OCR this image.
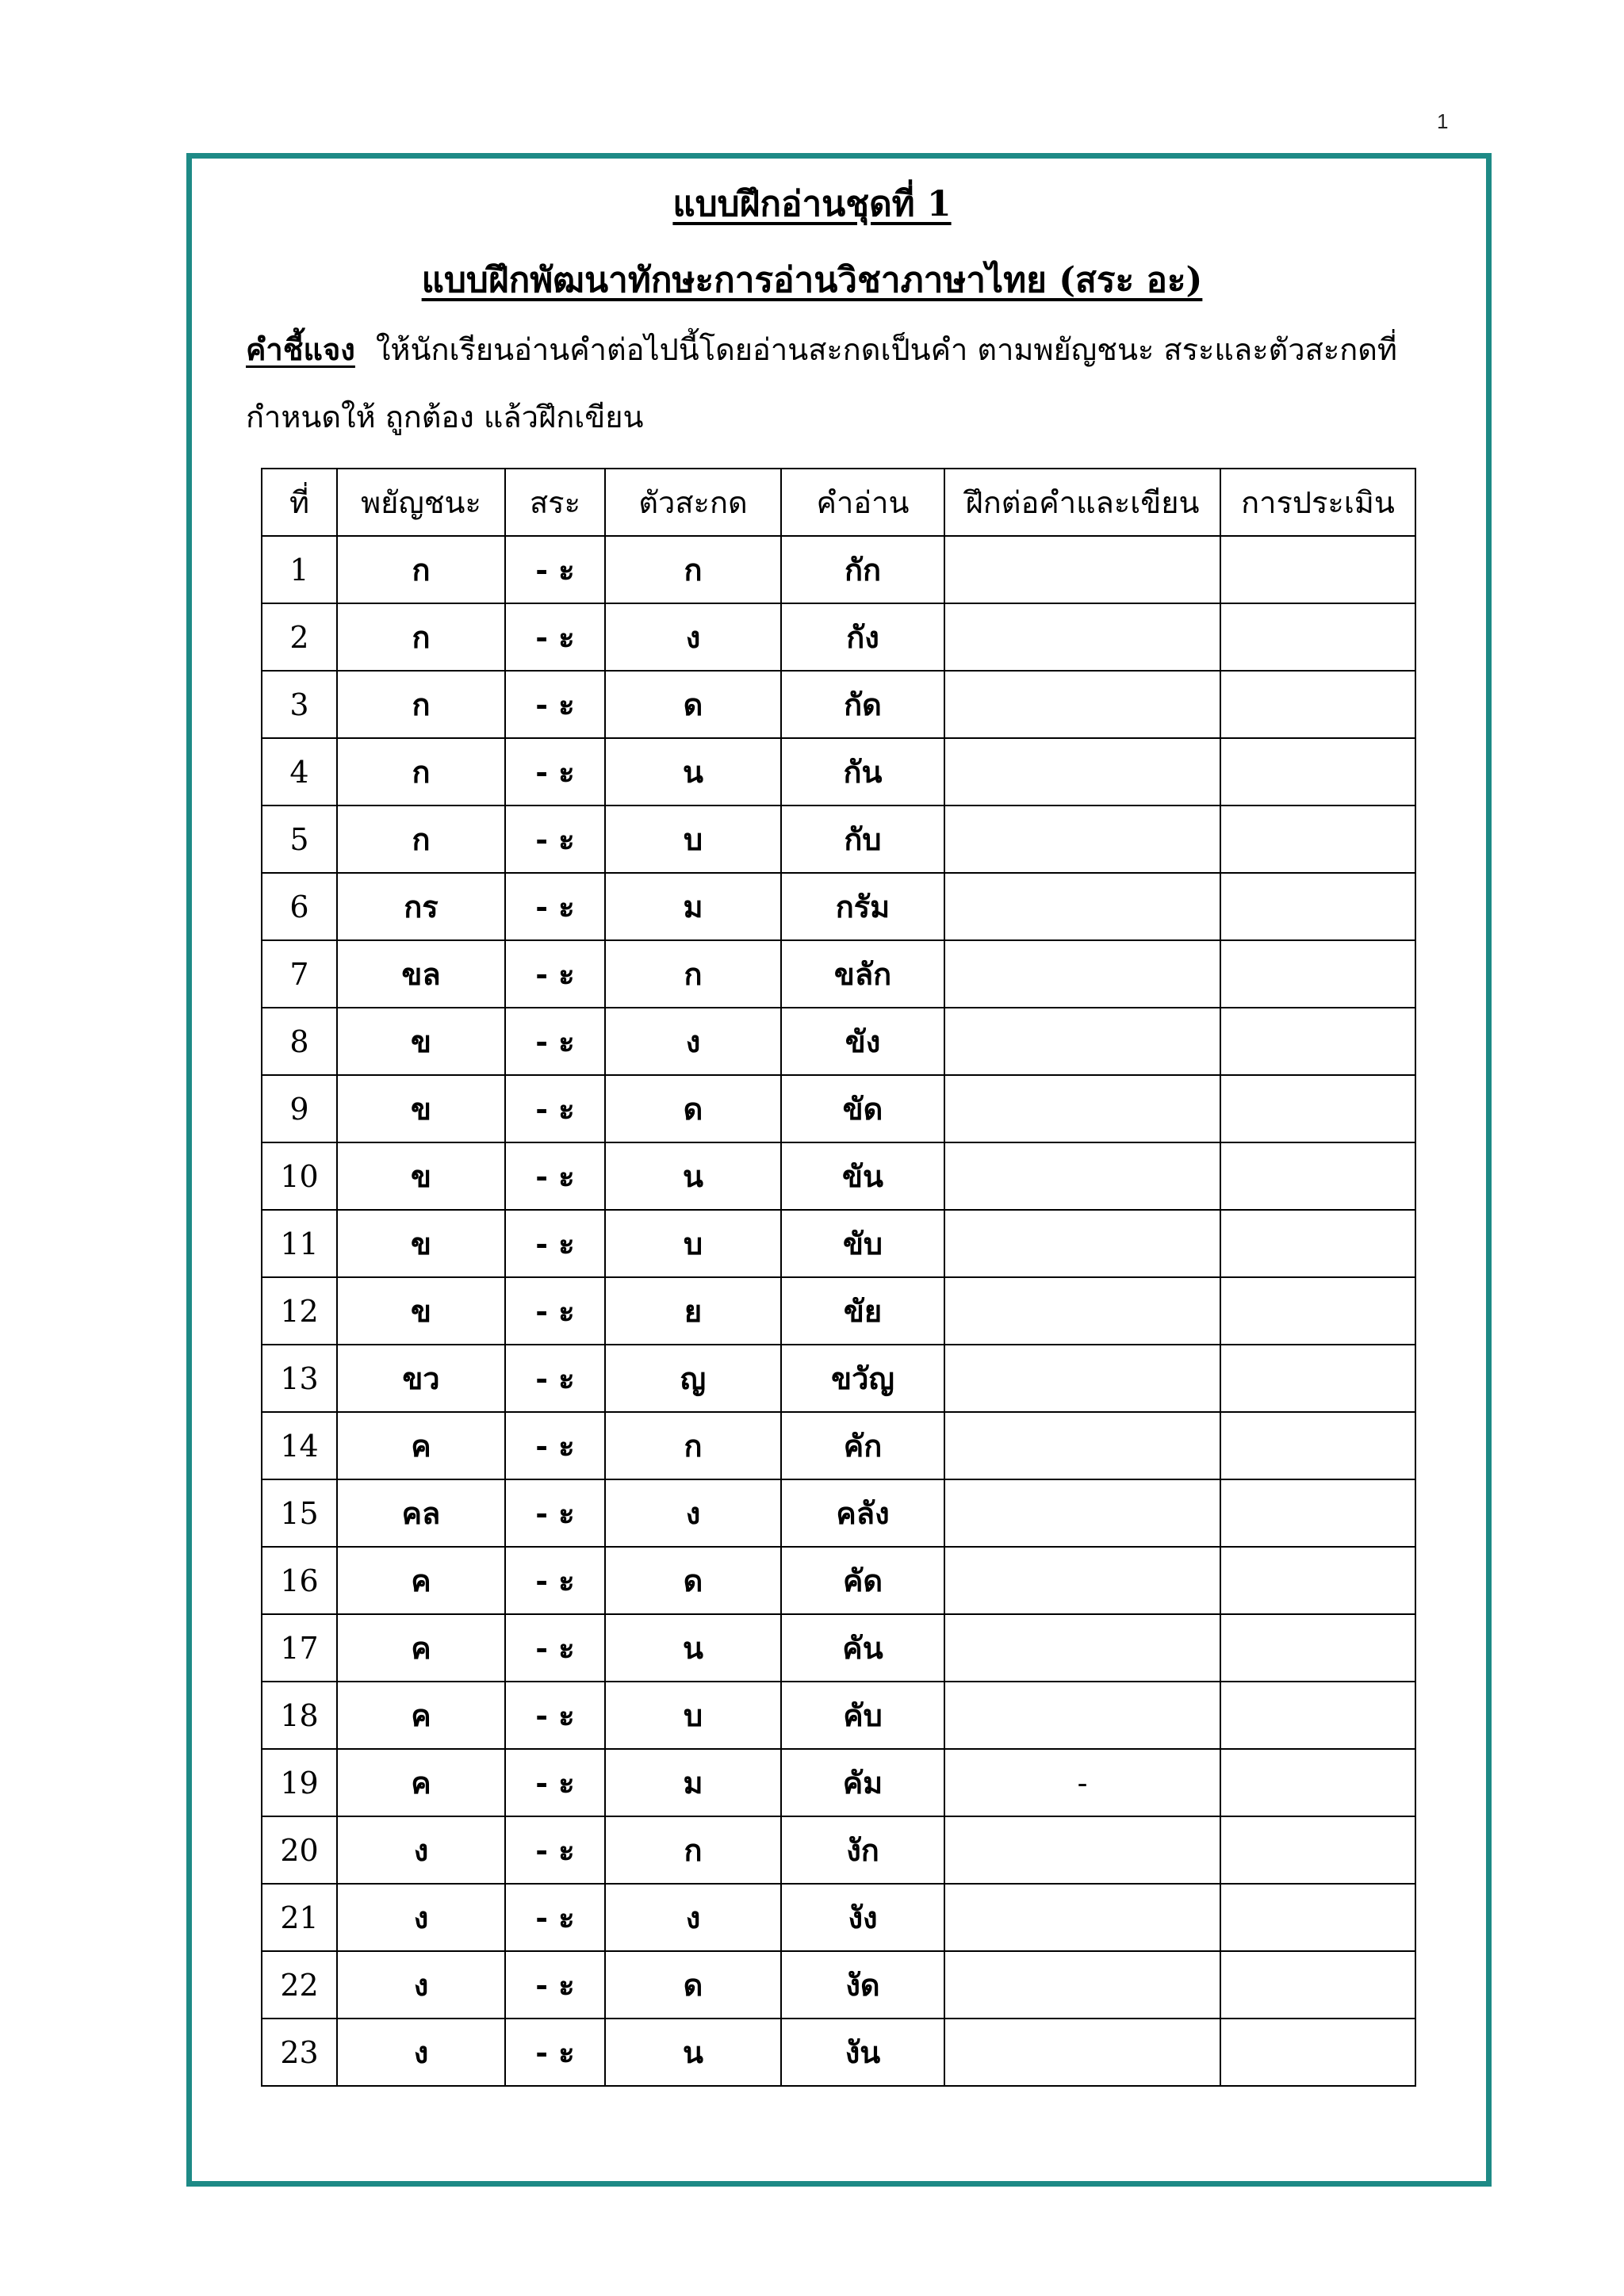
1
แบบฝึกอ่านชุดที่ 1
แบบฝึกพัฒนาทักษะการอ่านวิชาภาษาไทย (สระ อะ)
คำชี้แจง ให้นักเรียนอ่านคำต่อไปนี้โดยอ่านสะกดเป็นคำ ตามพยัญชนะ สระและตัวสะกดที่
กำหนดให้ ถูกต้อง แล้วฝึกเขียน
ที่	พยัญชนะ	สระ	ตัวสะกด	คำอ่าน	ฝึกต่อคำและเขียน	การประเมิน
1	ก	- ะ	ก	กัก		
2	ก	- ะ	ง	กัง		
3	ก	- ะ	ด	กัด		
4	ก	- ะ	น	กัน		
5	ก	- ะ	บ	กับ		
6	กร	- ะ	ม	กรัม		
7	ขล	- ะ	ก	ขลัก		
8	ข	- ะ	ง	ขัง		
9	ข	- ะ	ด	ขัด		
10	ข	- ะ	น	ขัน		
11	ข	- ะ	บ	ขับ		
12	ข	- ะ	ย	ขัย		
13	ขว	- ะ	ญ	ขวัญ		
14	ค	- ะ	ก	คัก		
15	คล	- ะ	ง	คลัง		
16	ค	- ะ	ด	คัด		
17	ค	- ะ	น	คัน		
18	ค	- ะ	บ	คับ		
19	ค	- ะ	ม	คัม	-	
20	ง	- ะ	ก	งัก		
21	ง	- ะ	ง	งัง		
22	ง	- ะ	ด	งัด		
23	ง	- ะ	น	งัน		
